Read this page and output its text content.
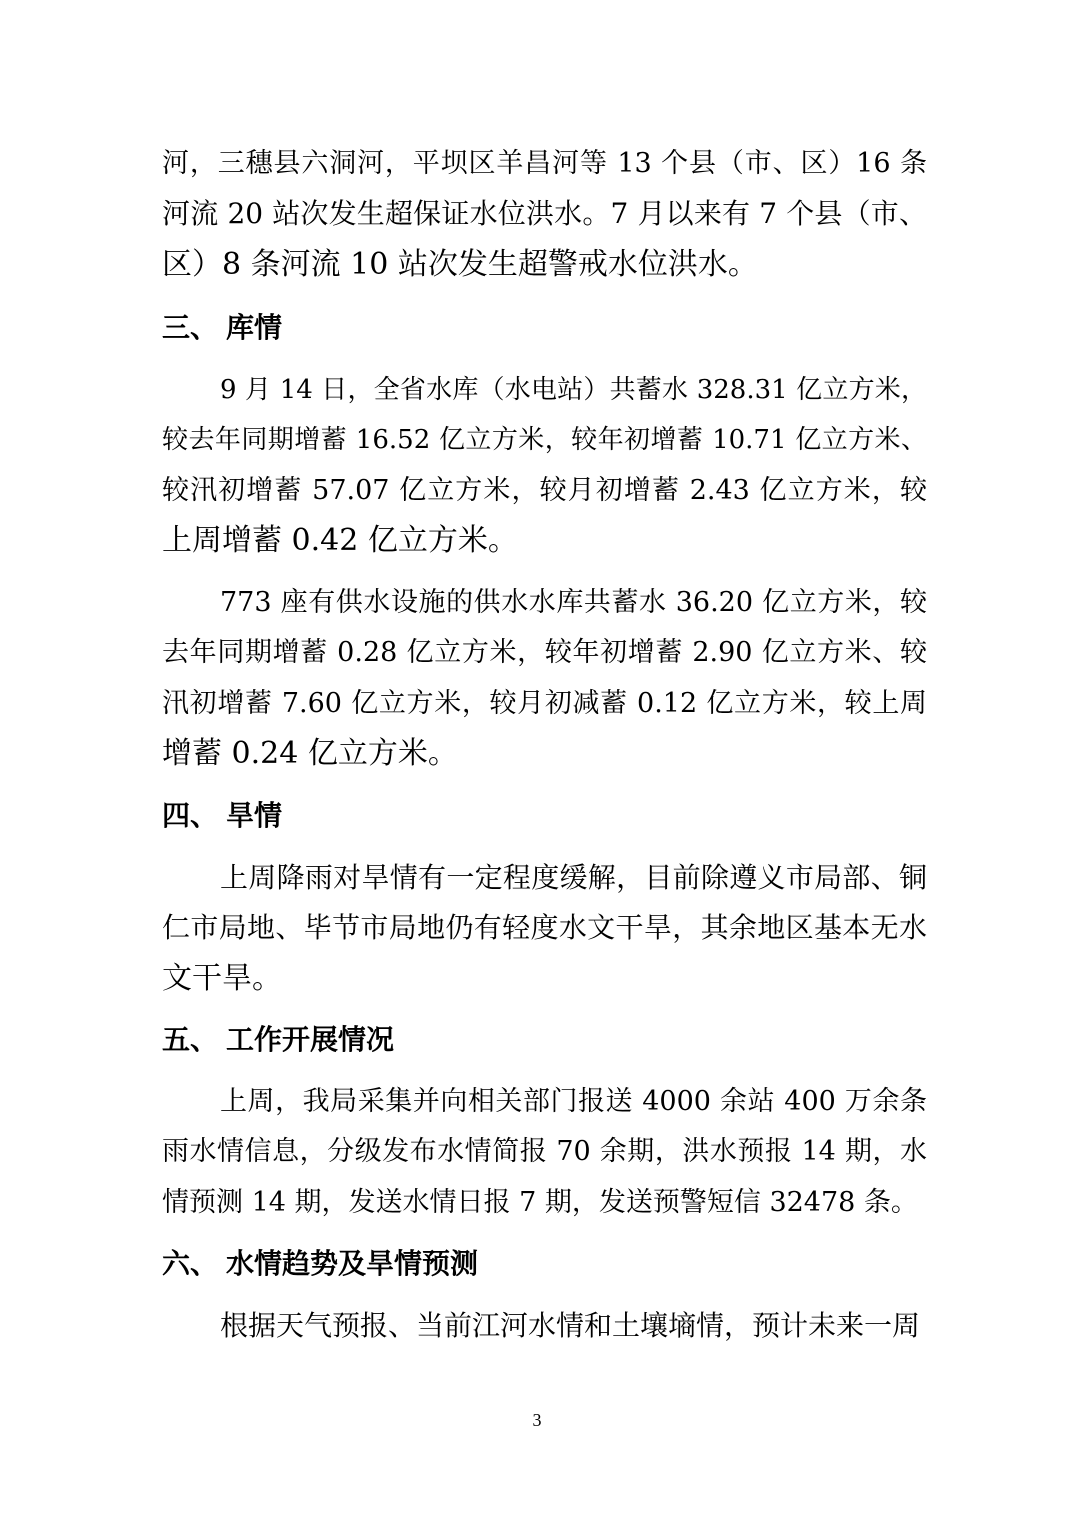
河，三穗县六洞河，平坝区羊昌河等 13 个县（市、区）16 条
河流 20 站次发生超保证水位洪水。7 月以来有 7 个县（市、
区）8 条河流 10 站次发生超警戒水位洪水。
三、 库情
9 月 14 日，全省水库（水电站）共蓄水 328.31 亿立方米，
较去年同期增蓄 16.52 亿立方米，较年初增蓄 10.71 亿立方米、
较汛初增蓄 57.07 亿立方米，较月初增蓄 2.43 亿立方米，较
上周增蓄 0.42 亿立方米。
773 座有供水设施的供水水库共蓄水 36.20 亿立方米，较
去年同期增蓄 0.28 亿立方米，较年初增蓄 2.90 亿立方米、较
汛初增蓄 7.60 亿立方米，较月初减蓄 0.12 亿立方米，较上周
增蓄 0.24 亿立方米。
四、 旱情
上周降雨对旱情有一定程度缓解，目前除遵义市局部、铜
仁市局地、毕节市局地仍有轻度水文干旱，其余地区基本无水
文干旱。
五、 工作开展情况
上周，我局采集并向相关部门报送 4000 余站 400 万余条
雨水情信息，分级发布水情简报 70 余期，洪水预报 14 期，水
情预测 14 期，发送水情日报 7 期，发送预警短信 32478 条。
六、 水情趋势及旱情预测
根据天气预报、当前江河水情和土壤墒情，预计未来一周
3
